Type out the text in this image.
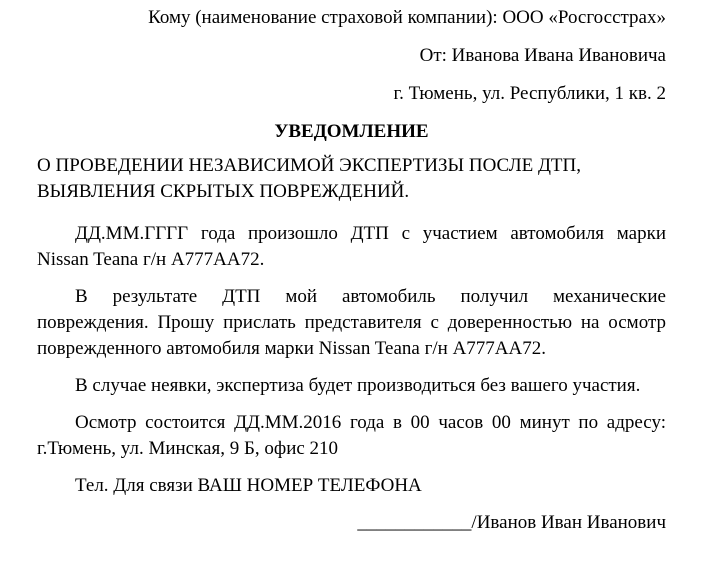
Кому (наименование страховой компании): ООО «Росгосстрах»

От: Иванова Ивана Ивановича

г. Тюмень, ул. Республики, 1 кв. 2

УВЕДОМЛЕНИЕ

О ПРОВЕДЕНИИ НЕЗАВИСИМОЙ ЭКСПЕРТИЗЫ ПОСЛЕ ДТП,
ВЫЯВЛЕНИЯ СКРЫТЫХ ПОВРЕЖДЕНИЙ.
ДД.ММ.ГГГГ года произошло ДТП с участием автомобиля марки
Nissan Teana г/н А777АА72.
В результате ДТП мой автомобиль получил механические
повреждения. Прошу прислать представителя с доверенностью на осмотр
поврежденного автомобиля марки Nissan Teana г/н А777АА72.
В случае неявки, экспертиза будет производиться без вашего участия.
Осмотр состоится ДД.ММ.2016 года в 00 часов 00 минут по адресу:
г.Тюмень, ул. Минская, 9 Б, офис 210
Тел. Для связи ВАШ НОМЕР ТЕЛЕФОНА

____________/Иванов Иван Иванович
